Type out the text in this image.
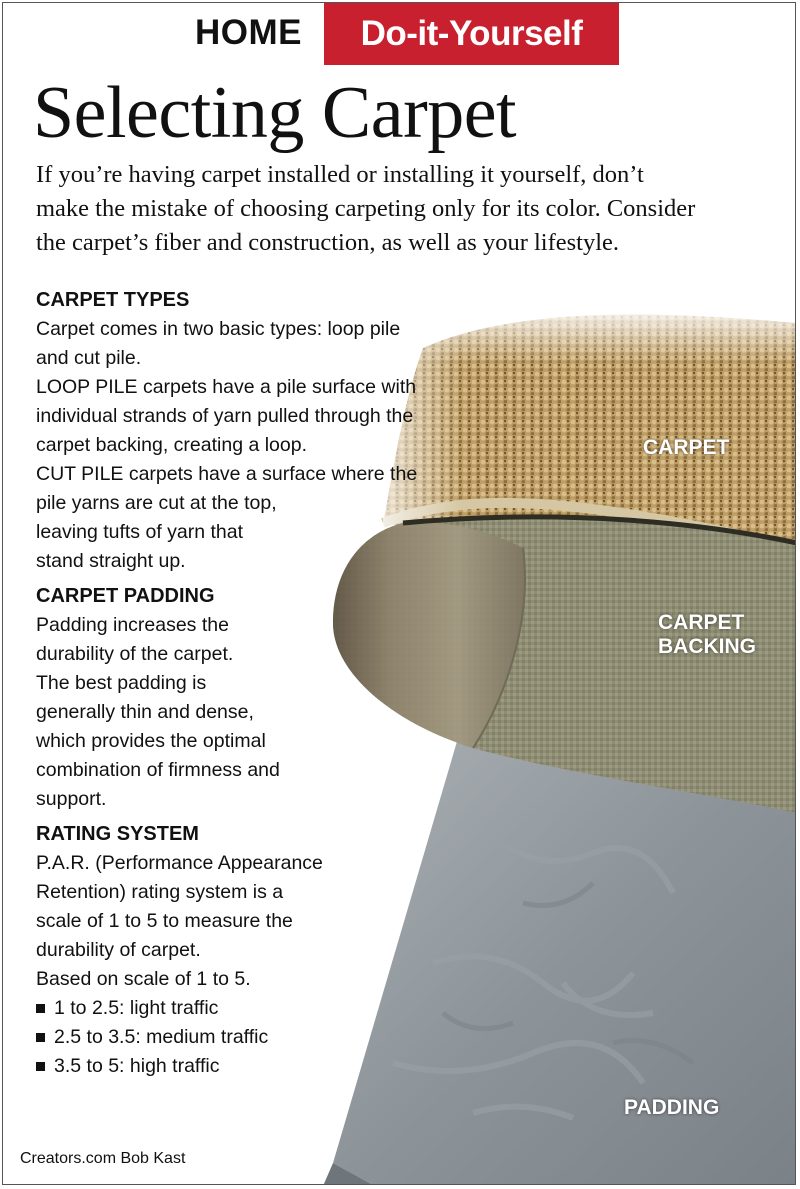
HOME	Do-it-Yourself
Selecting Carpet
If you’re having carpet installed or installing it yourself, don’t
make the mistake of choosing carpeting only for its color. Consider
the carpet’s fiber and construction, as well as your lifestyle.
CARPET TYPES

Carpet comes in two basic types: loop pile

and cut pile.

LOOP PILE carpets have a pile surface with

individual strands of yarn pulled through the

carpet backing, creating a loop.

CUT PILE carpets have a surface where the

pile yarns are cut at the top,

leaving tufts of yarn that

stand straight up.

CARPET PADDING

Padding increases the

durability of the carpet.

The best padding is

generally thin and dense,

which provides the optimal

combination of firmness and

support.

RATING SYSTEM

P.A.R. (Performance Appearance

Retention) rating system is a

scale of 1 to 5 to measure the

durability of carpet.

Based on scale of 1 to 5.

1 to 2.5: light traffic
2.5 to 3.5: medium traffic
3.5 to 5: high traffic
CARPET
CARPET
BACKING
PADDING
Creators.com Bob Kast
